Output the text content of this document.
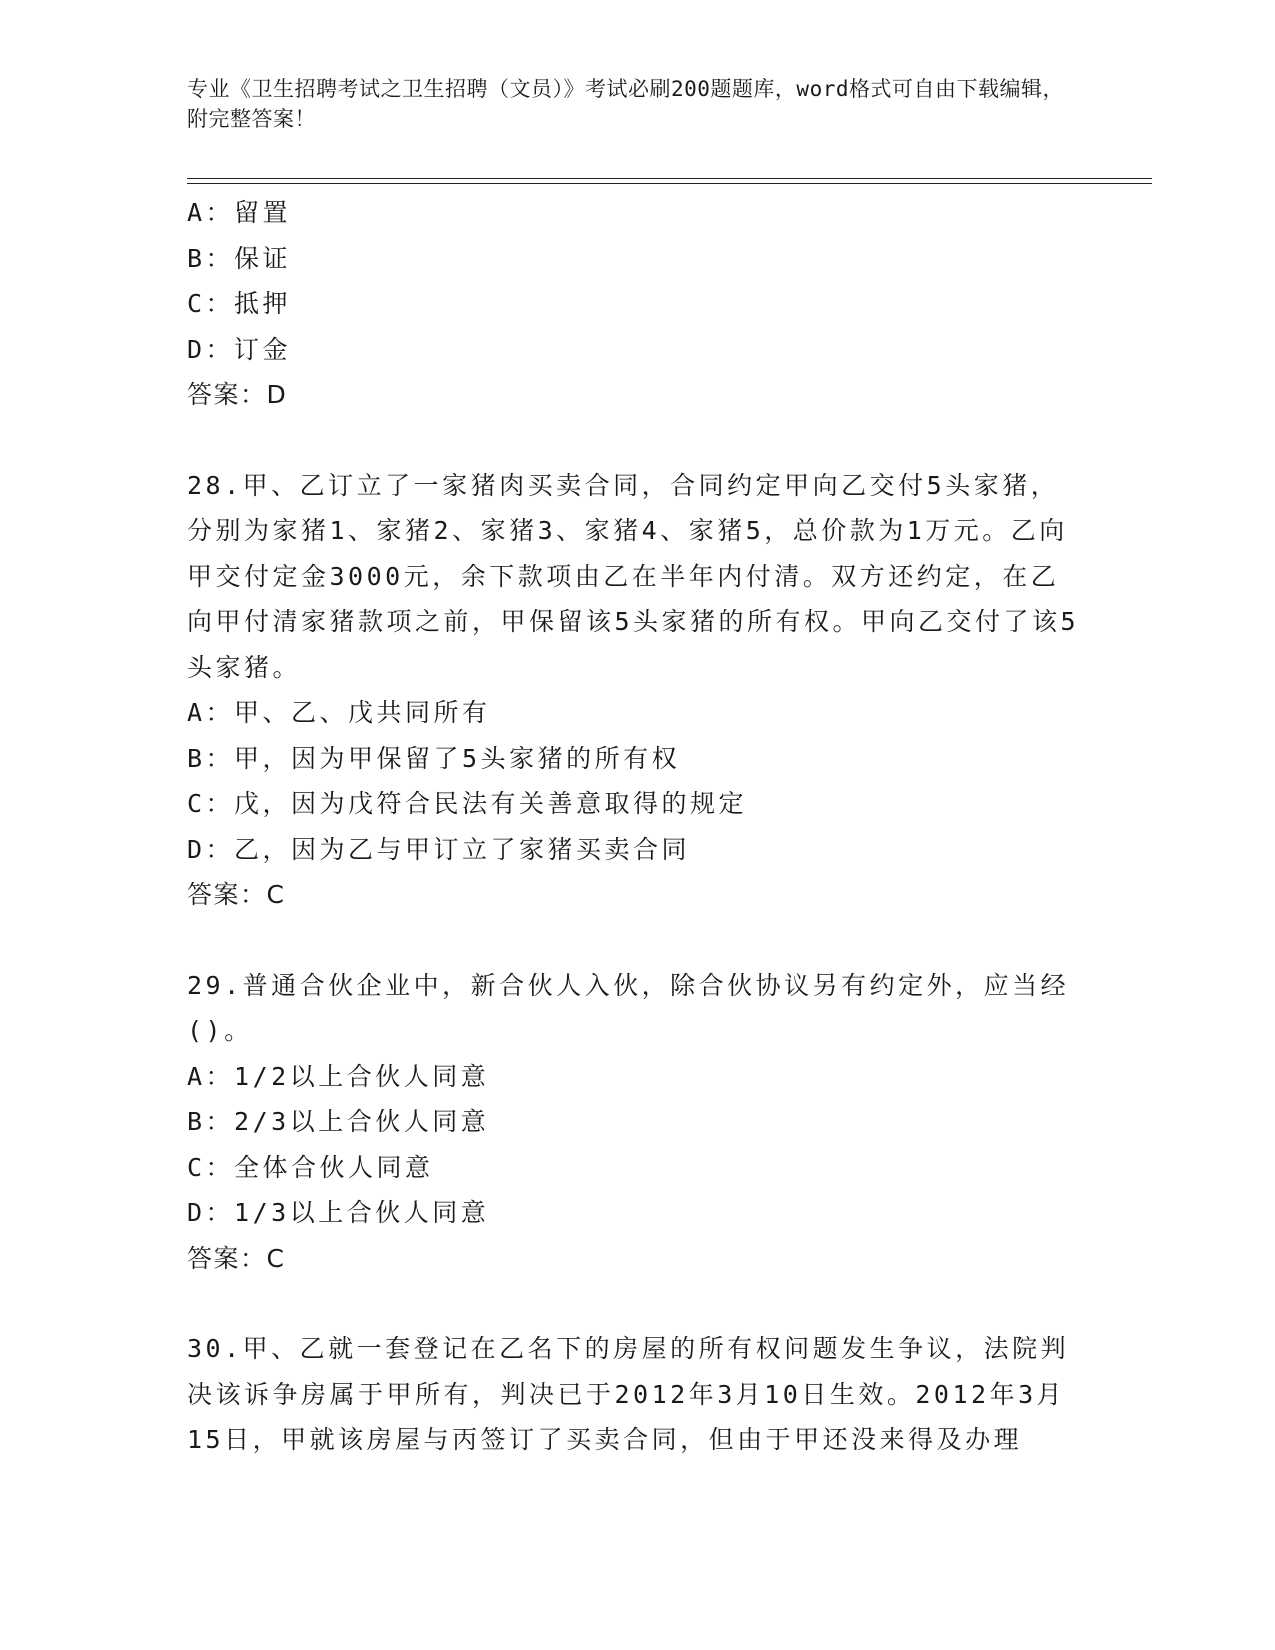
专业《卫生招聘考试之卫生招聘（文员）》考试必刷200题题库，word格式可自由下载编辑，附完整答案！
A：留置
B：保证
C：抵押
D：订金
答案：D

28.甲、乙订立了一家猪肉买卖合同，合同约定甲向乙交付5头家猪，分别为家猪1、家猪2、家猪3、家猪4、家猪5，总价款为1万元。乙向甲交付定金3000元，余下款项由乙在半年内付清。双方还约定，在乙向甲付清家猪款项之前，甲保留该5头家猪的所有权。甲向乙交付了该5头家猪。

A：甲、乙、戊共同所有
B：甲，因为甲保留了5头家猪的所有权
C：戊，因为戊符合民法有关善意取得的规定
D：乙，因为乙与甲订立了家猪买卖合同
答案：C

29.普通合伙企业中，新合伙人入伙，除合伙协议另有约定外，应当经()。

A：1/2以上合伙人同意
B：2/3以上合伙人同意
C：全体合伙人同意
D：1/3以上合伙人同意
答案：C

30.甲、乙就一套登记在乙名下的房屋的所有权问题发生争议，法院判决该诉争房属于甲所有，判决已于2012年3月10日生效。2012年3月15日，甲就该房屋与丙签订了买卖合同，但由于甲还没来得及办理
